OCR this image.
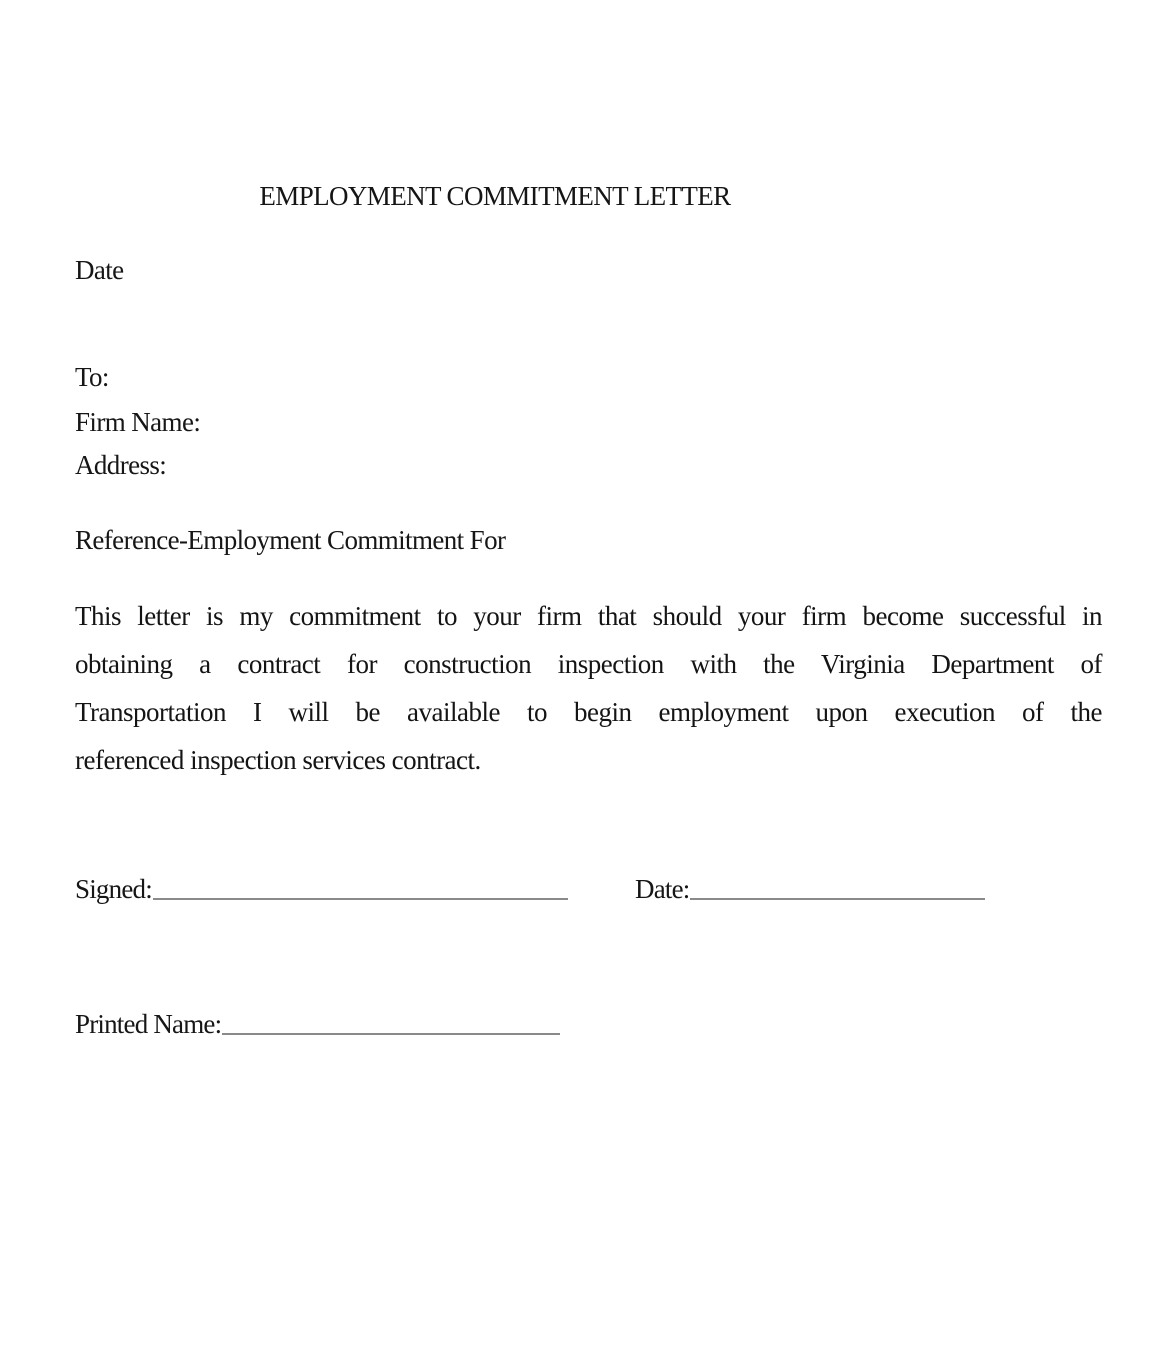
EMPLOYMENT COMMITMENT LETTER
Date
To:
Firm Name:
Address:
Reference-Employment Commitment For
This letter is my commitment to your firm that should your firm become successful in
obtaining a contract for construction inspection with the Virginia Department of
Transportation I will be available to begin employment upon execution of the
referenced inspection services contract.
Signed:	Date:
Printed Name:
